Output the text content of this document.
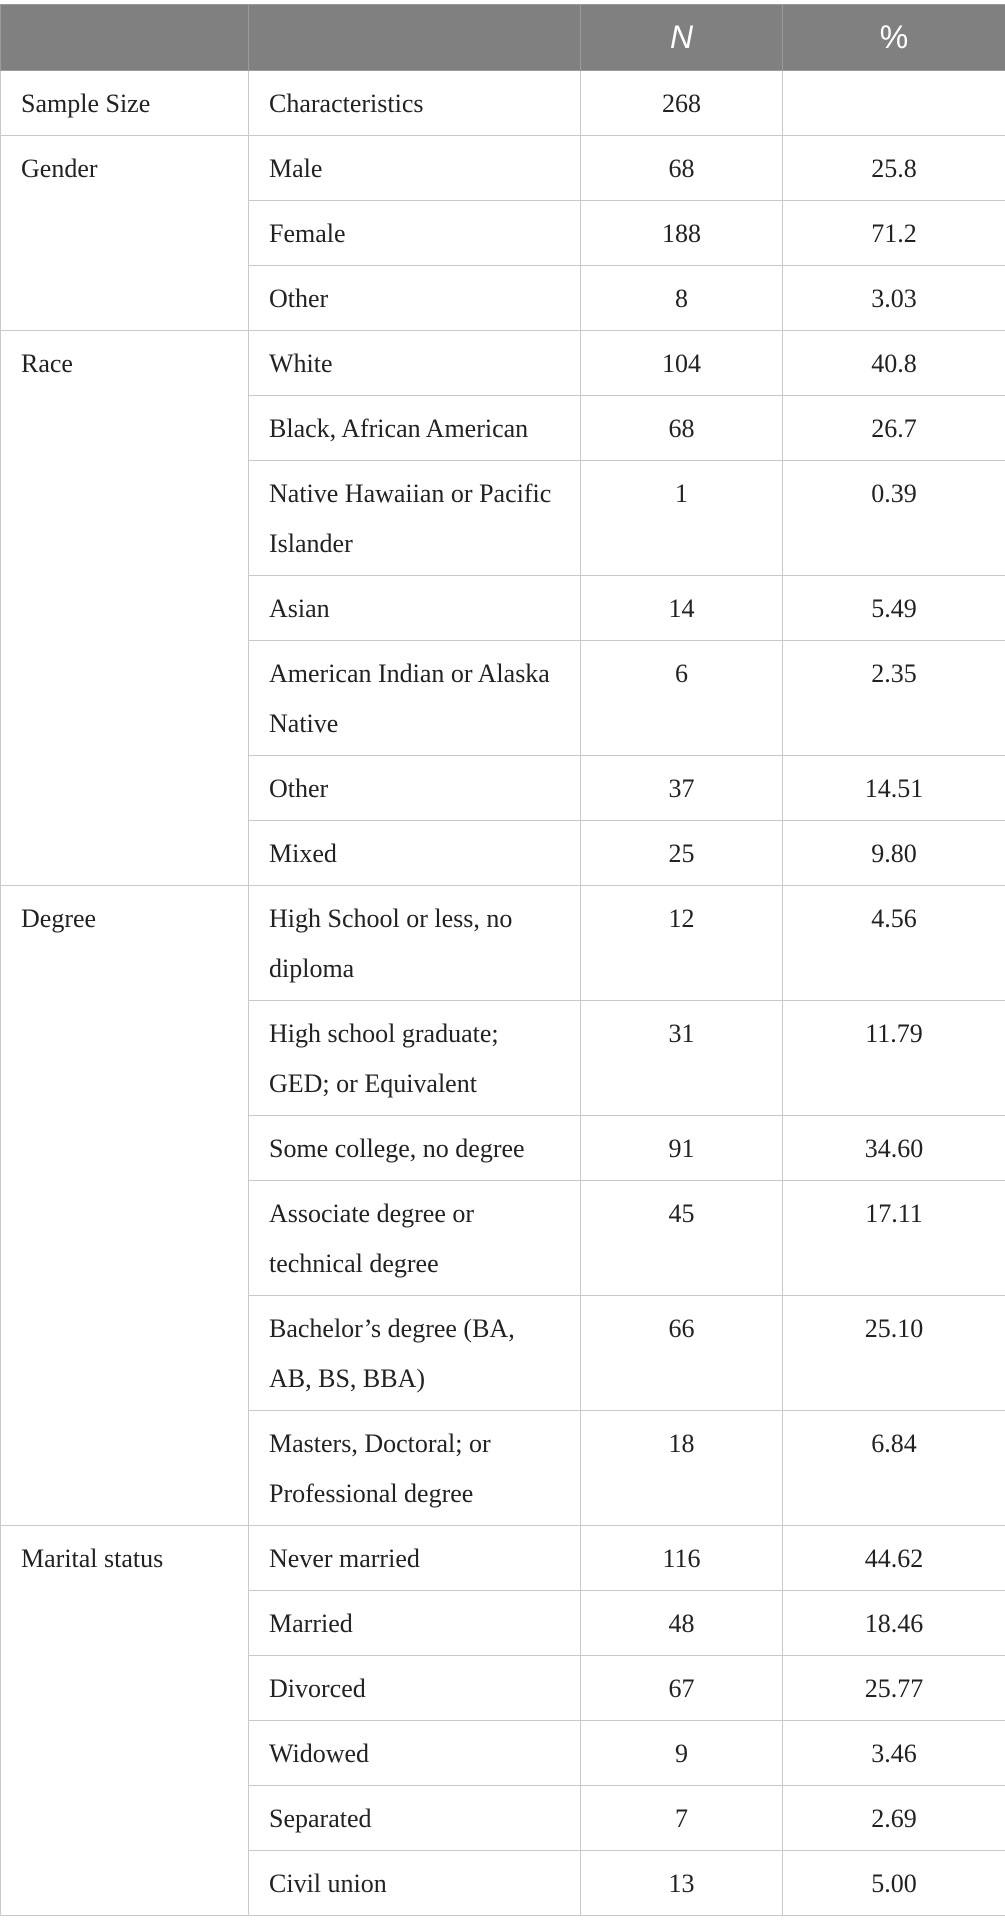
		N	%
Sample Size	Characteristics	268	
Gender	Male	68	25.8
	Female	188	71.2
	Other	8	3.03
Race	White	104	40.8
	Black, African American	68	26.7
	Native Hawaiian or Pacific Islander	1	0.39
	Asian	14	5.49
	American Indian or Alaska Native	6	2.35
	Other	37	14.51
	Mixed	25	9.80
Degree	High School or less, no diploma	12	4.56
	High school graduate; GED; or Equivalent	31	11.79
	Some college, no degree	91	34.60
	Associate degree or technical degree	45	17.11
	Bachelor’s degree (BA, AB, BS, BBA)	66	25.10
	Masters, Doctoral; or Professional degree	18	6.84
Marital status	Never married	116	44.62
	Married	48	18.46
	Divorced	67	25.77
	Widowed	9	3.46
	Separated	7	2.69
	Civil union	13	5.00
